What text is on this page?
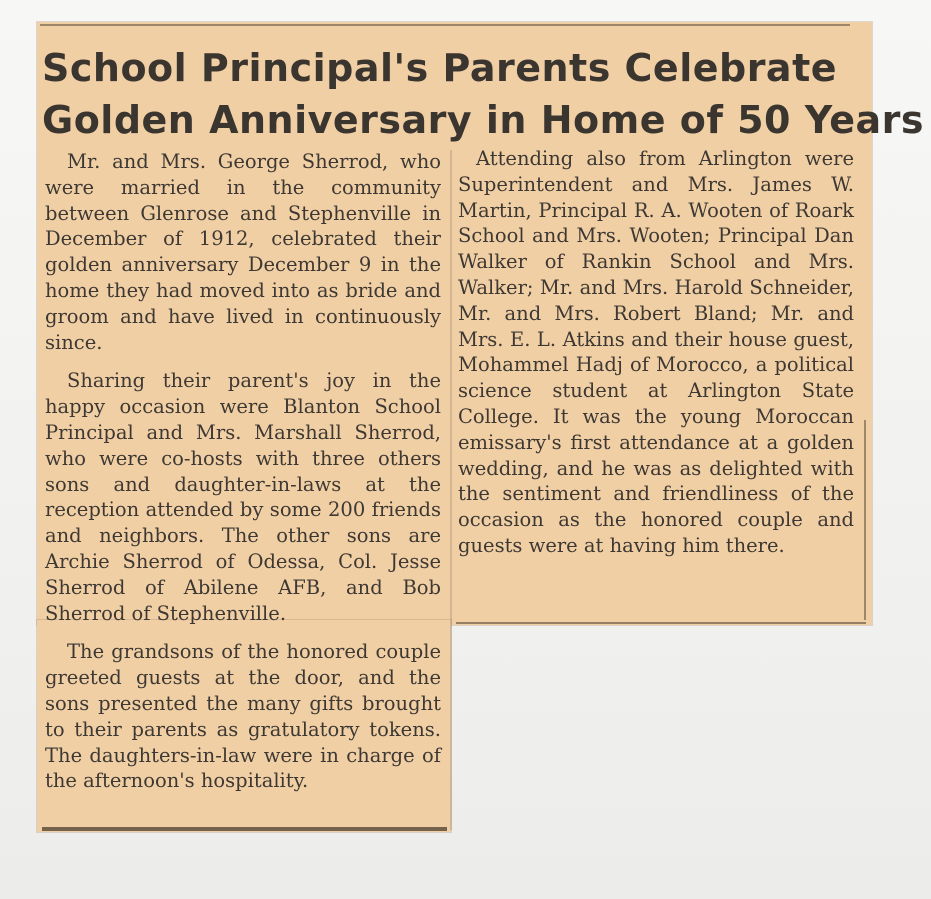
School Principal's Parents Celebrate
Golden Anniversary in Home of 50 Years

Mr. and Mrs. George Sherrod, who were married in the community between Glenrose and Stephenville in December of 1912, celebrated their golden anniversary December 9 in the home they had moved into as bride and groom and have lived in continuously since.

Sharing their parent's joy in the happy occasion were Blanton School Principal and Mrs. Marshall Sherrod, who were co-hosts with three others sons and daughter-in-laws at the reception attended by some 200 friends and neighbors. The other sons are Archie Sherrod of Odessa, Col. Jesse Sherrod of Abilene AFB, and Bob Sherrod of Stephenville.

The grandsons of the honored couple greeted guests at the door, and the sons presented the many gifts brought to their parents as gratulatory tokens. The daughters-in-law were in charge of the afternoon's hospitality.

Attending also from Arlington were Superintendent and Mrs. James W. Martin, Principal R. A. Wooten of Roark School and Mrs. Wooten; Principal Dan Walker of Rankin School and Mrs. Walker; Mr. and Mrs. Harold Schneider, Mr. and Mrs. Robert Bland; Mr. and Mrs. E. L. Atkins and their house guest, Mohammel Hadj of Morocco, a political science student at Arlington State College. It was the young Moroccan emissary's first attendance at a golden wedding, and he was as delighted with the sentiment and friendliness of the occasion as the honored couple and guests were at having him there.
